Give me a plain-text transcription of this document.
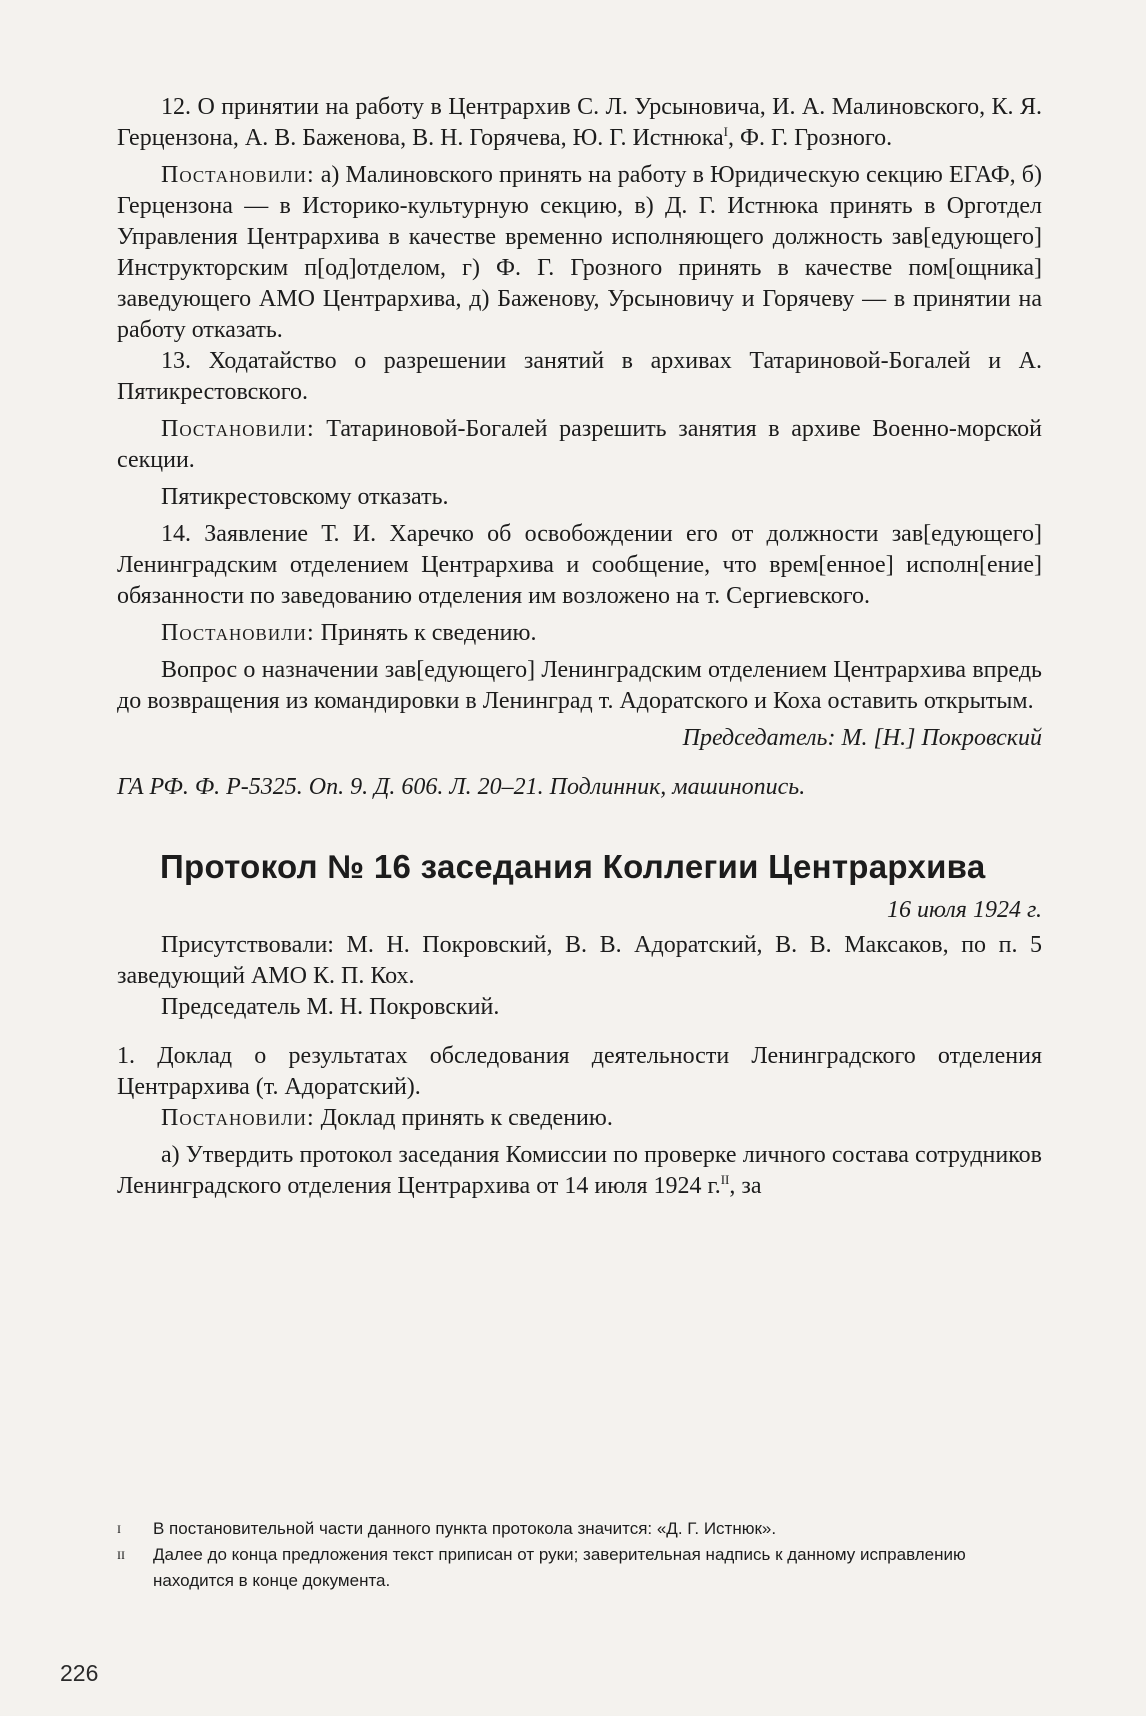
12. О принятии на работу в Центрархив С. Л. Урсыновича, И. А. Малиновского, К. Я. Герцензона, А. В. Баженова, В. Н. Горячева, Ю. Г. Истнюка$^I$, Ф. Г. Грозного.

Постановили: а) Малиновского принять на работу в Юридическую секцию ЕГАФ, б) Герцензона — в Историко-культурную секцию, в) Д. Г. Истнюка принять в Орготдел Управления Центрархива в качестве временно исполняющего должность зав[едующего] Инструкторским п[од]отделом, г) Ф. Г. Грозного принять в качестве пом[ощника] заведующего АМО Центрархива, д) Баженову, Урсыновичу и Горячеву — в принятии на работу отказать.

13. Ходатайство о разрешении занятий в архивах Татариновой-Богалей и А. Пятикрестовского.

Постановили: Татариновой-Богалей разрешить занятия в архиве Военно-морской секции.

Пятикрестовскому отказать.

14. Заявление Т. И. Харечко об освобождении его от должности зав[едующего] Ленинградским отделением Центрархива и сообщение, что врем[енное] исполн[ение] обязанности по заведованию отделения им возложено на т. Сергиевского.

Постановили: Принять к сведению.

Вопрос о назначении зав[едующего] Ленинградским отделением Центрархива впредь до возвращения из командировки в Ленинград т. Адоратского и Коха оставить открытым.

Председатель: М. [Н.] Покровский

ГА РФ. Ф. Р-5325. Оп. 9. Д. 606. Л. 20–21. Подлинник, машинопись.

Протокол № 16 заседания Коллегии Центрархива

16 июля 1924 г.

Присутствовали: М. Н. Покровский, В. В. Адоратский, В. В. Максаков, по п. 5 заведующий АМО К. П. Кох.

Председатель М. Н. Покровский.

1. Доклад о результатах обследования деятельности Ленинградского отделения Центрархива (т. Адоратский).

Постановили: Доклад принять к сведению.

а) Утвердить протокол заседания Комиссии по проверке личного состава сотрудников Ленинградского отделения Центрархива от 14 июля 1924 г.$^{II}$, за

I	В постановительной части данного пункта протокола значится: «Д. Г. Истнюк».
II	Далее до конца предложения текст приписан от руки; заверительная надпись к данному исправлению находится в конце документа.
226
